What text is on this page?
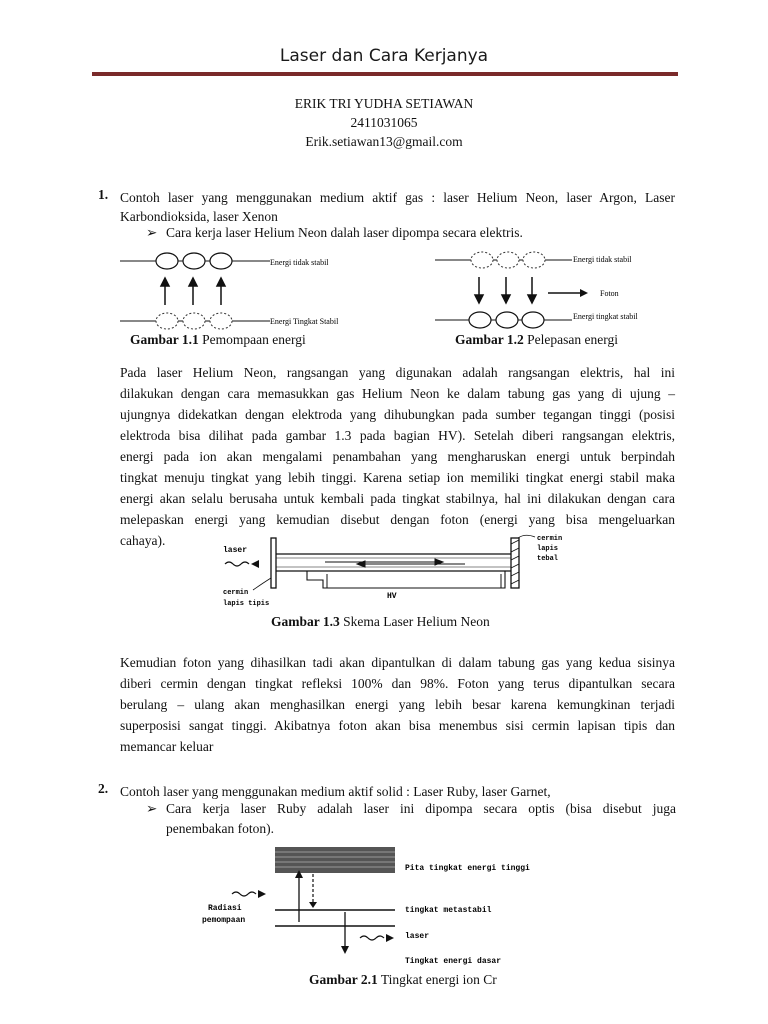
Laser dan Cara Kerjanya
ERIK TRI YUDHA SETIAWAN
2411031065
Erik.setiawan13@gmail.com
1. Contoh laser yang menggunakan medium aktif gas : laser Helium Neon, laser Argon, Laser
Karbondioksida, laser Xenon
➢ Cara kerja laser Helium Neon dalah laser dipompa secara elektris.
Energi tidak stabil
Energi Tingkat Stabil
Gambar 1.1 Pemompaan energi
Energi tidak stabil
Foton
Energi tingkat stabil
Gambar 1.2 Pelepasan energi
Pada laser Helium Neon, rangsangan yang digunakan adalah rangsangan elektris, hal ini
dilakukan dengan cara memasukkan gas Helium Neon ke dalam tabung gas yang di ujung –
ujungnya didekatkan dengan elektroda yang dihubungkan pada sumber tegangan tinggi (posisi
elektroda bisa dilihat pada gambar 1.3 pada bagian HV). Setelah diberi rangsangan elektris,
energi pada ion akan mengalami penambahan yang mengharuskan energi untuk berpindah
tingkat menuju tingkat yang lebih tinggi. Karena setiap ion memiliki tingkat energi stabil maka
energi akan selalu berusaha untuk kembali pada tingkat stabilnya, hal ini dilakukan dengan cara
melepaskan energi yang kemudian disebut dengan foton (energi yang bisa mengeluarkan
cahaya).
laser
HV
cermin
lapis tipis
cermin
lapis
tebal
Gambar 1.3 Skema Laser Helium Neon
Kemudian foton yang dihasilkan tadi akan dipantulkan di dalam tabung gas yang kedua sisinya
diberi cermin dengan tingkat refleksi 100% dan 98%. Foton yang terus dipantulkan secara
berulang – ulang akan menghasilkan energi yang lebih besar karena kemungkinan terjadi
superposisi sangat tinggi. Akibatnya foton akan bisa menembus sisi cermin lapisan tipis dan
memancar keluar
2. Contoh laser yang menggunakan medium aktif solid : Laser Ruby, laser Garnet,
➢ Cara kerja laser Ruby adalah laser ini dipompa secara optis (bisa disebut juga
penembakan foton).
Pita tingkat energi tinggi
tingkat metastabil
laser
Tingkat energi dasar
Radiasi
pemompaan
Gambar 2.1 Tingkat energi ion Cr
